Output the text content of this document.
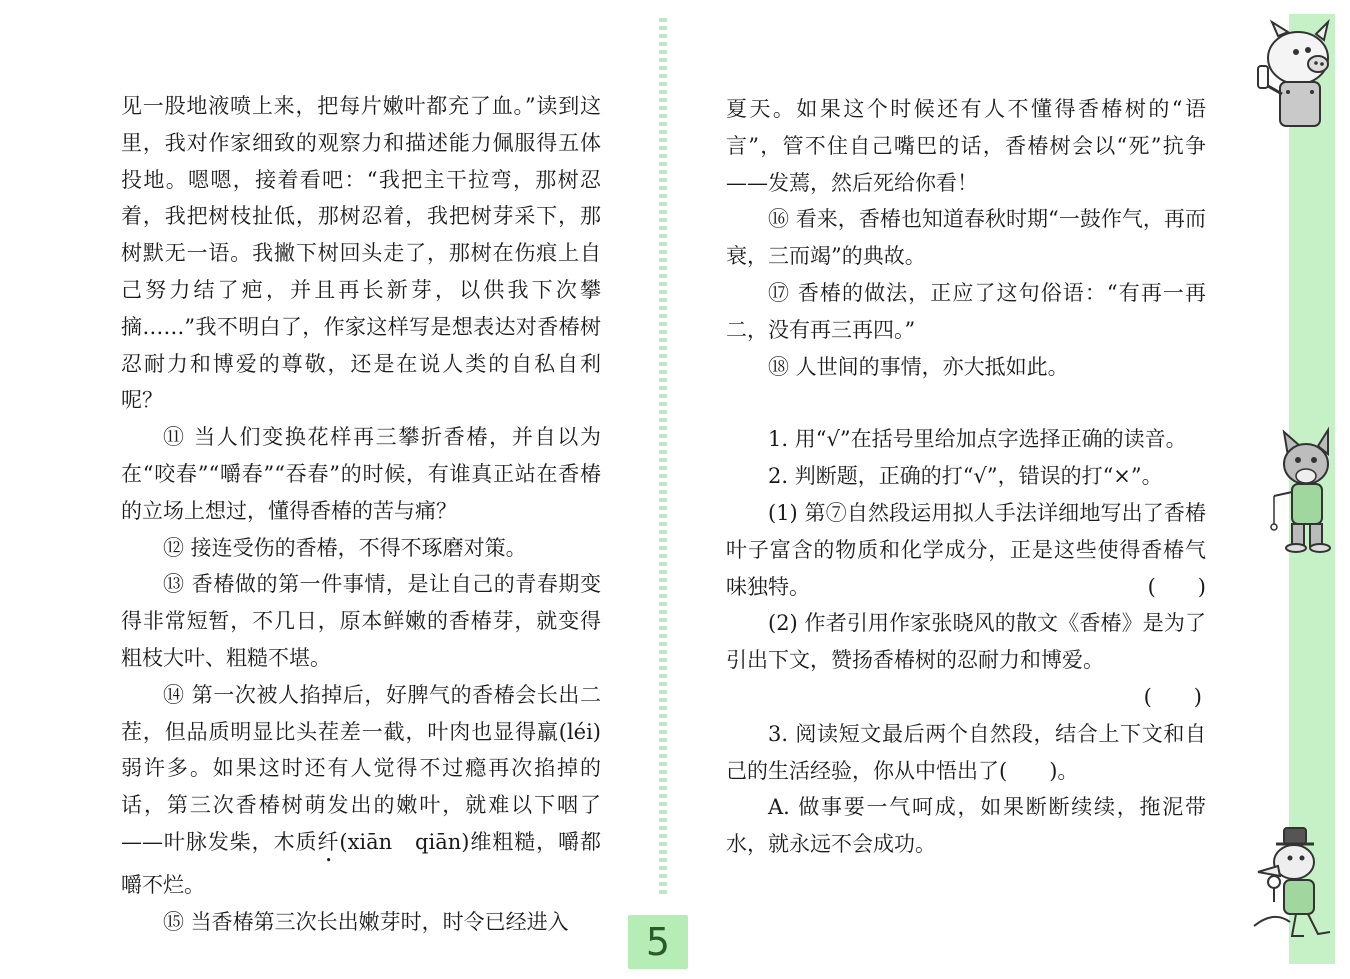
见一股地液喷上来，把每片嫩叶都充了血。”读到这里，我对作家细致的观察力和描述能力佩服得五体投地。嗯嗯，接着看吧：“我把主干拉弯，那树忍着，我把树枝扯低，那树忍着，我把树芽采下，那树默无一语。我撇下树回头走了，那树在伤痕上自己努力结了疤，并且再长新芽，以供我下次攀摘……”我不明白了，作家这样写是想表达对香椿树忍耐力和博爱的尊敬，还是在说人类的自私自利呢？

⑪ 当人们变换花样再三攀折香椿，并自以为在“咬春”“嚼春”“吞春”的时候，有谁真正站在香椿的立场上想过，懂得香椿的苦与痛？

⑫ 接连受伤的香椿，不得不琢磨对策。

⑬ 香椿做的第一件事情，是让自己的青春期变得非常短暂，不几日，原本鲜嫩的香椿芽，就变得粗枝大叶、粗糙不堪。

⑭ 第一次被人掐掉后，好脾气的香椿会长出二茬，但品质明显比头茬差一截，叶肉也显得羸(léi)弱许多。如果这时还有人觉得不过瘾再次掐掉的话，第三次香椿树萌发出的嫩叶，就难以下咽了——叶脉发柴，木质纤(xiān　qiān)维粗糙，嚼都嚼不烂。

⑮ 当香椿第三次长出嫩芽时，时令已经进入

夏天。如果这个时候还有人不懂得香椿树的“语言”，管不住自己嘴巴的话，香椿树会以“死”抗争——发蔫，然后死给你看！

⑯ 看来，香椿也知道春秋时期“一鼓作气，再而衰，三而竭”的典故。

⑰ 香椿的做法，正应了这句俗语：“有再一再二，没有再三再四。”

⑱ 人世间的事情，亦大抵如此。

1. 用“√”在括号里给加点字选择正确的读音。

2. 判断题，正确的打“√”，错误的打“×”。

(1) 第⑦自然段运用拟人手法详细地写出了香椿叶子富含的物质和化学成分，正是这些使得香椿气味独特。	(　　)

(2) 作者引用作家张晓风的散文《香椿》是为了引出下文，赞扬香椿树的忍耐力和博爱。

(　　)

3. 阅读短文最后两个自然段，结合上下文和自己的生活经验，你从中悟出了(　　)。

A. 做事要一气呵成，如果断断续续，拖泥带水，就永远不会成功。

5
